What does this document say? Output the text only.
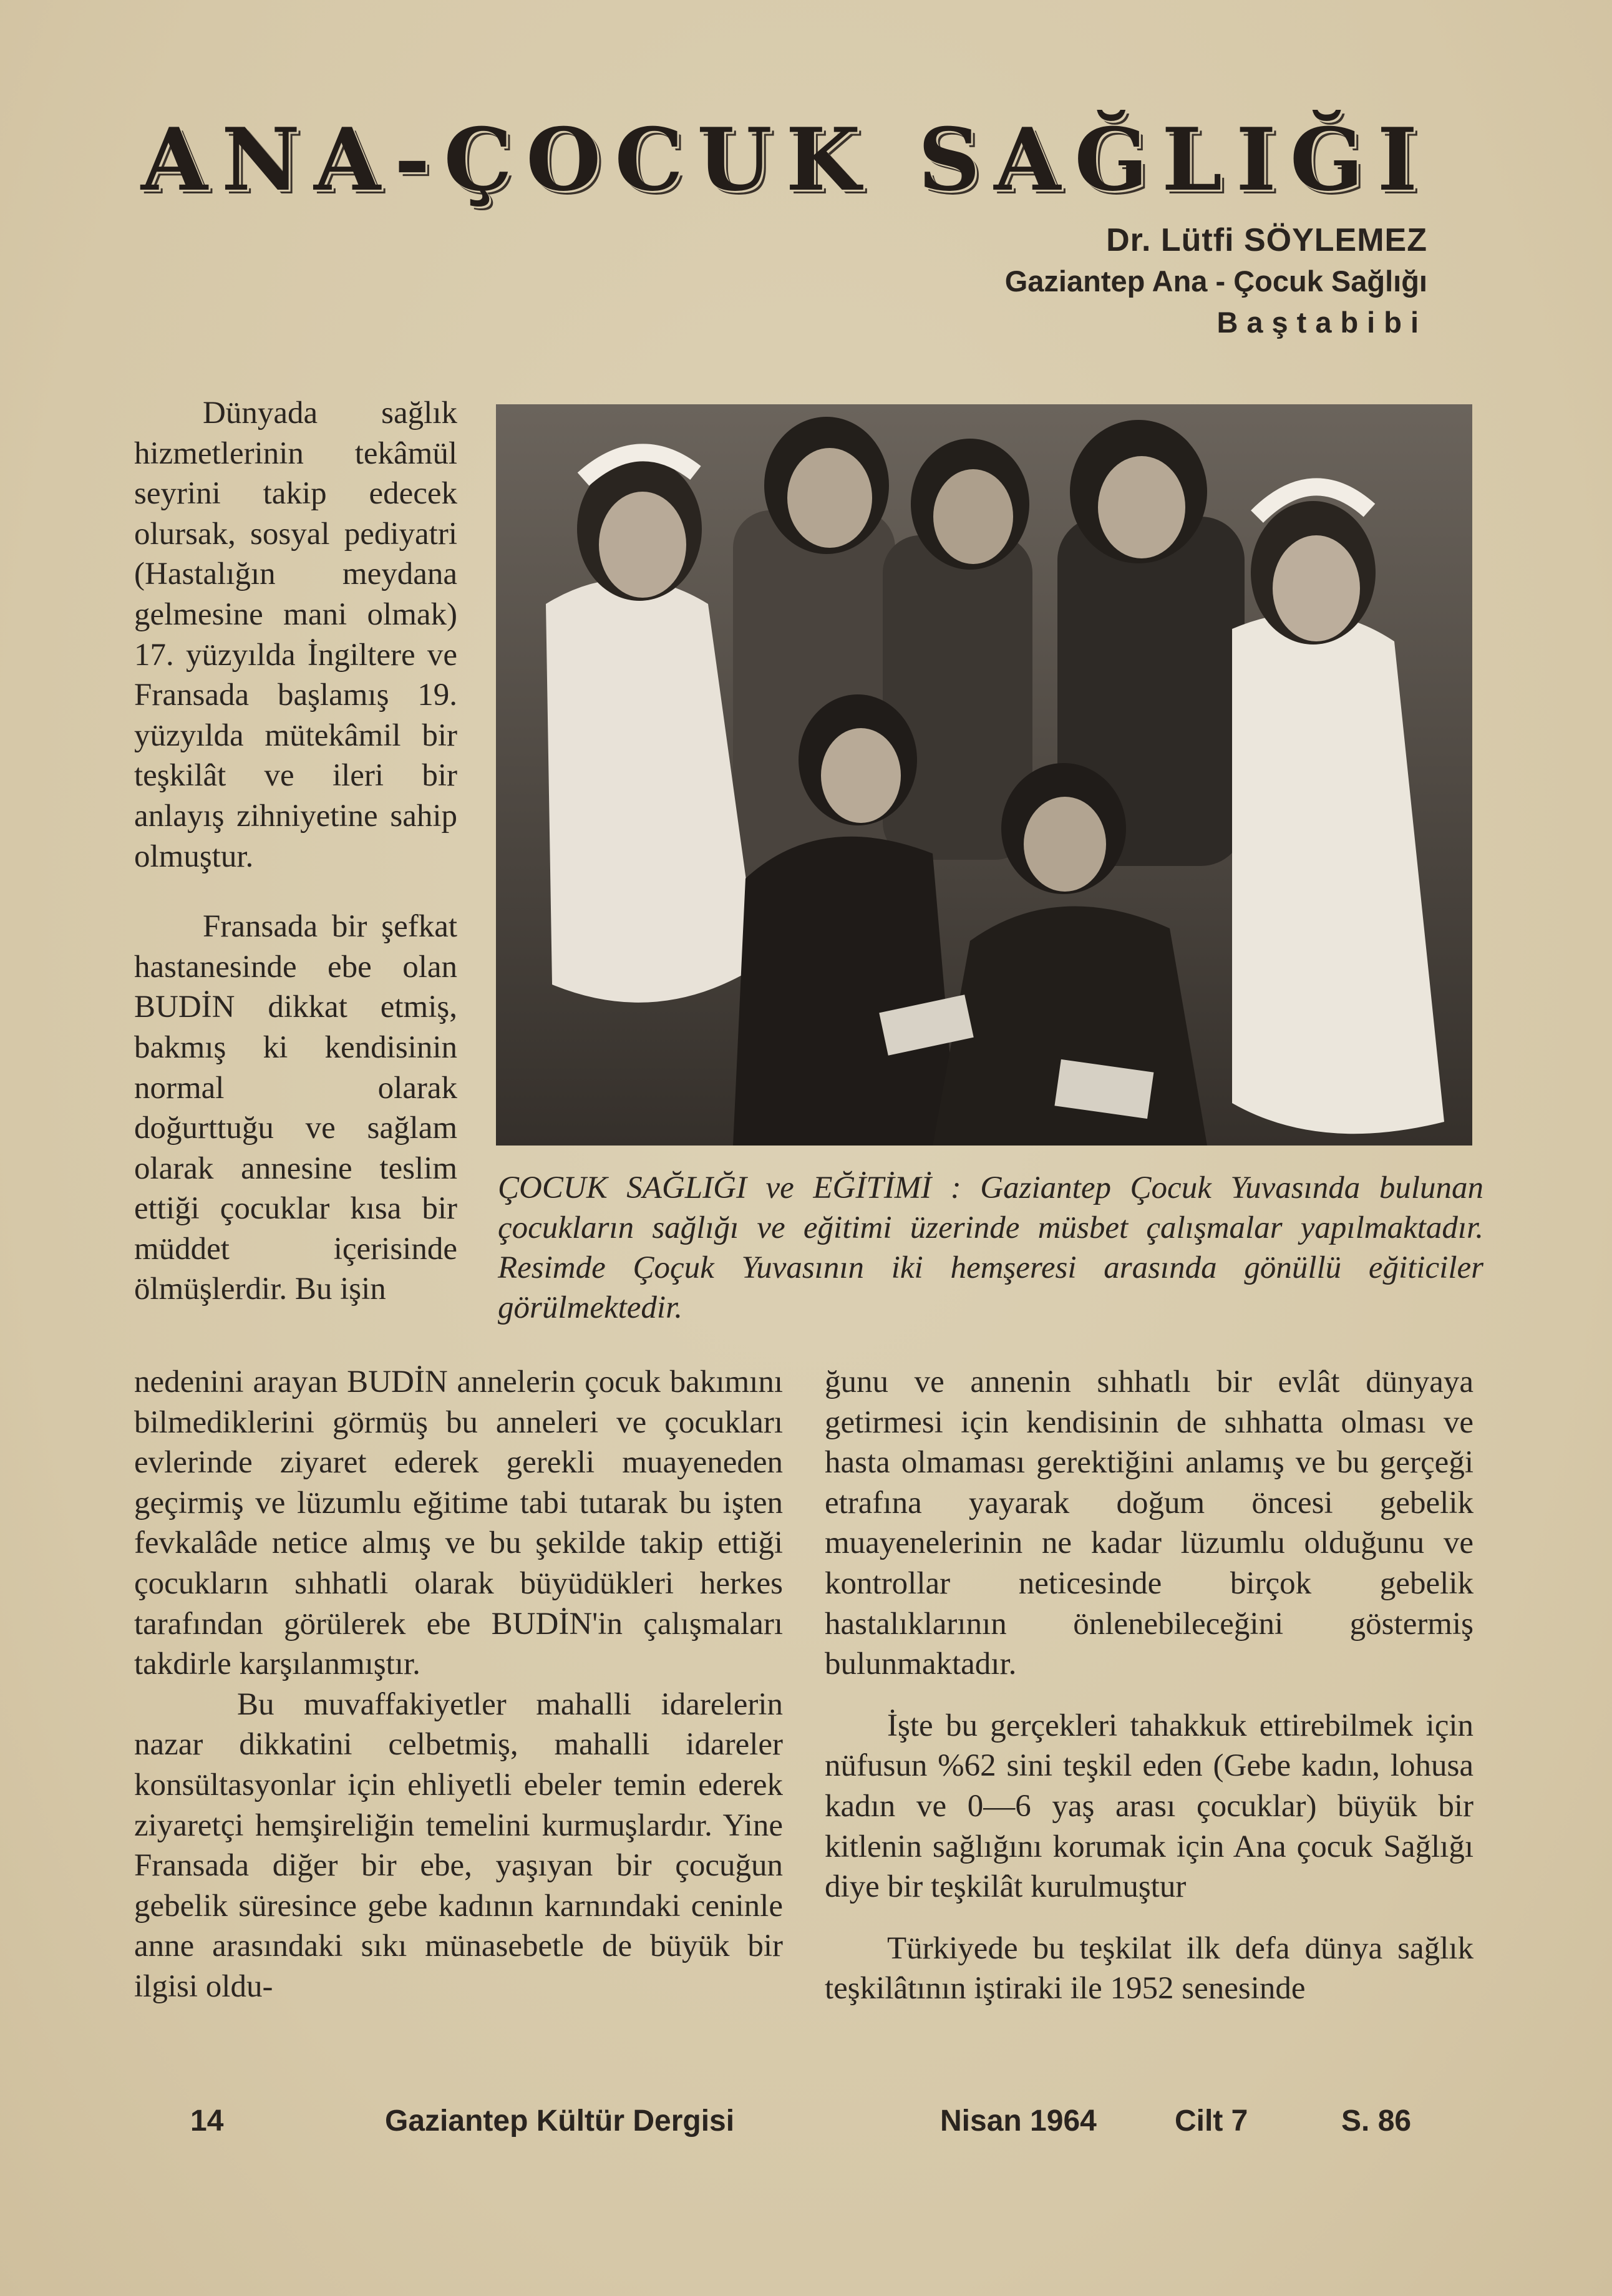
ANA-ÇOCUK SAĞLIĞI
Dr. Lütfi SÖYLEMEZ
Gaziantep Ana - Çocuk Sağlığı
Baştabibi

Dünyada sağlık hizmetlerinin tekâmül seyrini takip edecek olursak, sosyal pediyatri (Hastalığın meydana gelmesine mani olmak) 17. yüzyılda İngiltere ve Fransada başlamış 19. yüzyılda mütekâmil bir teşkilât ve ileri bir anlayış zihniyetine sahip olmuştur.

Fransada bir şefkat hastanesinde ebe olan BUDİN dikkat etmiş, bakmış ki kendisinin normal olarak doğurttuğu ve sağlam olarak annesine teslim ettiği çocuklar kısa bir müddet içerisinde ölmüşlerdir. Bu işin

ÇOCUK SAĞLIĞI ve EĞİTİMİ : Gaziantep Çocuk Yuvasında bulunan çocukların sağlığı ve eğitimi üzerinde müsbet çalışmalar yapılmaktadır. Resimde Çoçuk Yuvasının iki hemşeresi arasında gönüllü eğiticiler görülmektedir.

nedenini arayan BUDİN annelerin çocuk bakımını bilmediklerini görmüş bu anneleri ve çocukları evlerinde ziyaret ederek gerekli muayeneden geçirmiş ve lüzumlu eğitime tabi tutarak bu işten fevkalâde netice almış ve bu şekilde takip ettiği çocukların sıhhatli olarak büyüdükleri herkes tarafından görülerek ebe BUDİN'in çalışmaları takdirle karşılanmıştır.

Bu muvaffakiyetler mahalli idarelerin nazar dikkatini celbetmiş, mahalli idareler konsültasyonlar için ehliyetli ebeler temin ederek ziyaretçi hemşireliğin temelini kurmuşlardır. Yine Fransada diğer bir ebe, yaşıyan bir çocuğun gebelik süresince gebe kadının karnındaki ceninle anne arasındaki sıkı münasebetle de büyük bir ilgisi oldu-

ğunu ve annenin sıhhatlı bir evlât dünyaya getirmesi için kendisinin de sıhhatta olması ve hasta olmaması gerektiğini anlamış ve bu gerçeği etrafına yayarak doğum öncesi gebelik muayenelerinin ne kadar lüzumlu olduğunu ve kontrollar neticesinde birçok gebelik hastalıklarının önlenebileceğini göstermiş bulunmaktadır.

İşte bu gerçekleri tahakkuk ettirebilmek için nüfusun %62 sini teşkil eden (Gebe kadın, lohusa kadın ve 0—6 yaş arası çocuklar) büyük bir kitlenin sağlığını korumak için Ana çocuk Sağlığı diye bir teşkilât kurulmuştur

Türkiyede bu teşkilat ilk defa dünya sağlık teşkilâtının iştiraki ile 1952 senesinde

14	Gaziantep Kültür Dergisi	Nisan 1964	Cilt 7	S. 86
